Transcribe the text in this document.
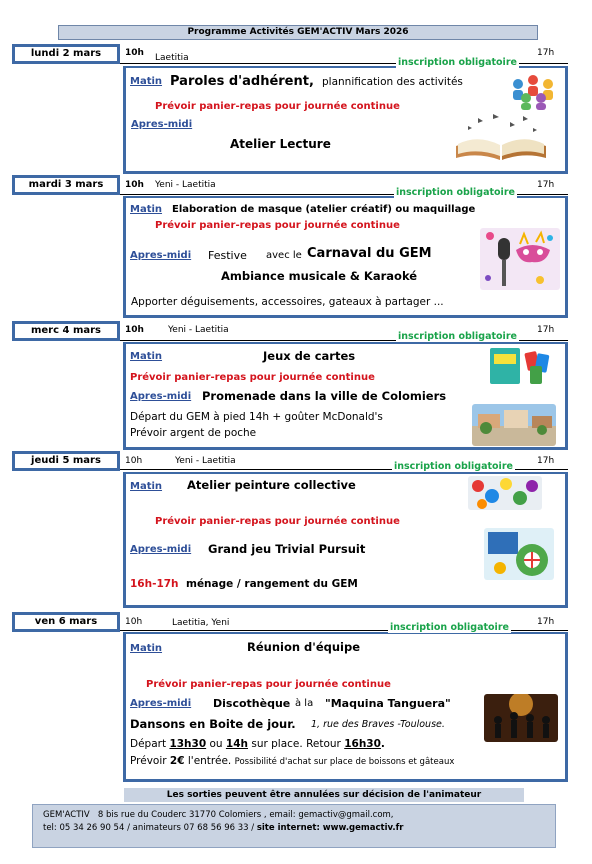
Programme Activités GEM'ACTIV Mars 2026
lundi 2 mars	10h Laetitia	17h
inscription obligatoire
Matin Paroles d'adhérent, plannification des activités
Prévoir panier-repas pour journée continue
Apres-midi
Atelier Lecture
mardi 3 mars	10h Yeni - Laetitia	17h
inscription obligatoire
Matin Elaboration de masque (atelier créatif) ou maquillage
Prévoir panier-repas pour journée continue
Apres-midi Festive avec le Carnaval du GEM
Ambiance musicale & Karaoké
Apporter déguisements, accessoires, gateaux à partager ...
merc 4 mars	10h	Yeni - Laetitia	17h
inscription obligatoire
Matin	Jeux de cartes
Prévoir panier-repas pour journée continue
Apres-midi Promenade dans la ville de Colomiers
Départ du GEM à pied 14h + goûter McDonald's
Prévoir argent de poche
jeudi 5 mars	10h	Yeni - Laetitia	17h
inscription obligatoire
Matin Atelier peinture collective
Prévoir panier-repas pour journée continue
Apres-midi Grand jeu Trivial Pursuit
16h-17h ménage / rangement du GEM
ven 6 mars	10h	Laetitia, Yeni	17h
inscription obligatoire
Matin	Réunion d'équipe
Prévoir panier-repas pour journée continue
Apres-midi Discothèque à la "Maquina Tanguera"
Dansons en Boite de jour. 1, rue des Braves -Toulouse.
Départ 13h30 ou 14h sur place. Retour 16h30.
Prévoir 2€ l'entrée. Possibilité d'achat sur place de boissons et gâteaux
Les sorties peuvent être annulées sur décision de l'animateur
GEM'ACTIV 8 bis rue du Couderc 31770 Colomiers , email: gemactiv@gmail.com,
tel: 05 34 26 90 54 / animateurs 07 68 56 96 33 / site internet: www.gemactiv.fr
